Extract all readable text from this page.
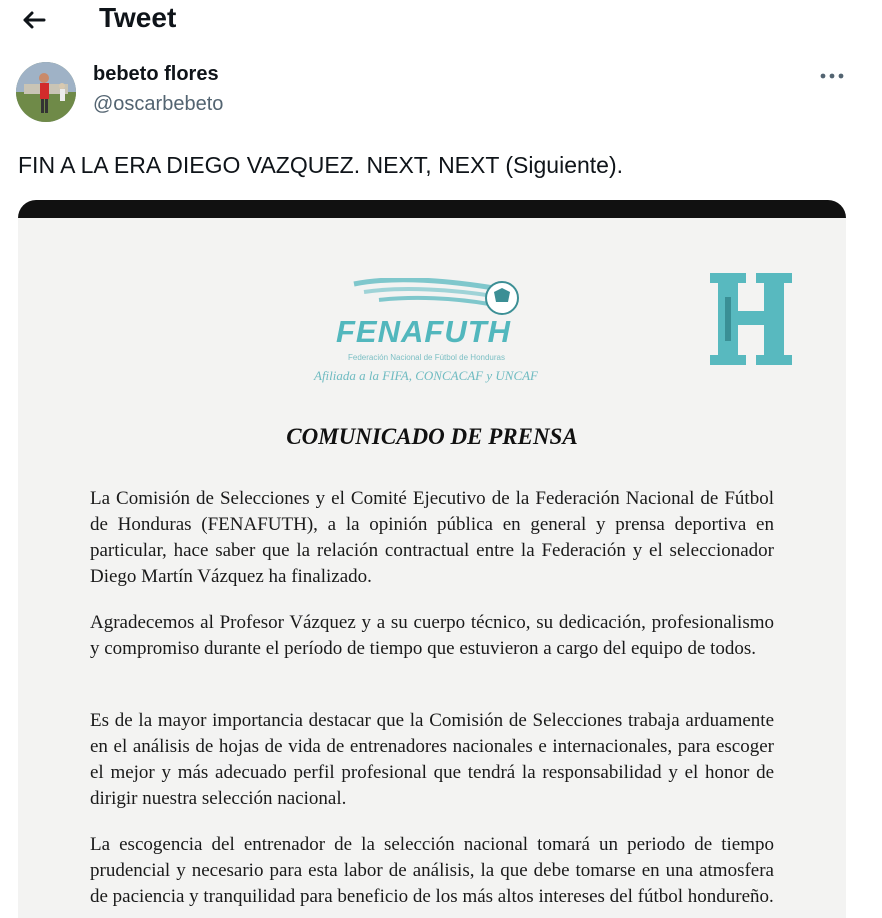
Tweet
bebeto flores
@oscarbebeto
FIN A LA ERA DIEGO VAZQUEZ. NEXT, NEXT (Siguiente).
FENAFUTH
Federación Nacional de Fútbol de Honduras
Afiliada a la FIFA, CONCACAF y UNCAF
COMUNICADO DE PRENSA
La Comisión de Selecciones y el Comité Ejecutivo de la Federación Nacional de Fútbol de Honduras (FENAFUTH), a la opinión pública en general y prensa deportiva en particular, hace saber que la relación contractual entre la Federación y el seleccionador Diego Martín Vázquez ha finalizado.
Agradecemos al Profesor Vázquez y a su cuerpo técnico, su dedicación, profesionalismo y compromiso durante el período de tiempo que estuvieron a cargo del equipo de todos.
Es de la mayor importancia destacar que la Comisión de Selecciones trabaja arduamente en el análisis de hojas de vida de entrenadores nacionales e internacionales, para escoger el mejor y más adecuado perfil profesional que tendrá la responsabilidad y el honor de dirigir nuestra selección nacional.
La escogencia del entrenador de la selección nacional tomará un periodo de tiempo prudencial y necesario para esta labor de análisis, la que debe tomarse en una atmosfera de paciencia y tranquilidad para beneficio de los más altos intereses del fútbol hondureño.
